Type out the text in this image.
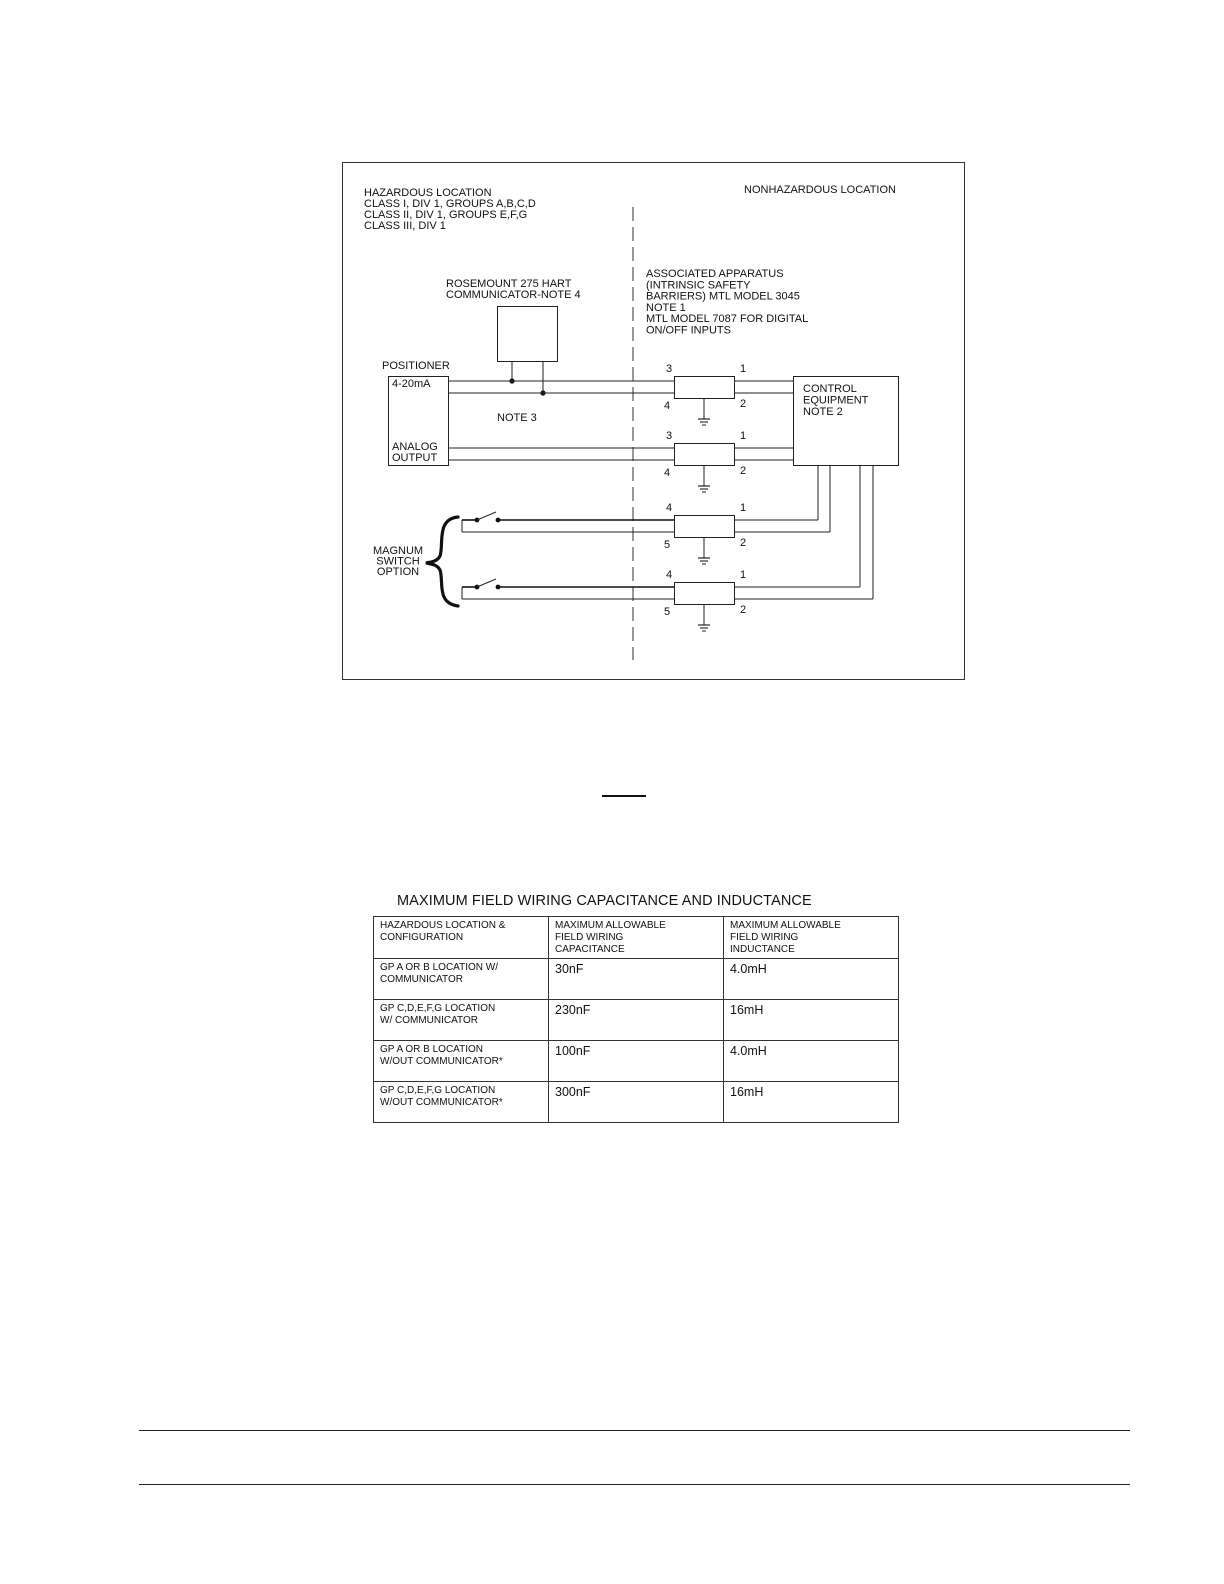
HAZARDOUS LOCATION CLASS I, DIV 1, GROUPS A,B,C,D CLASS II, DIV 1, GROUPS E,F,G CLASS III, DIV 1
NONHAZARDOUS LOCATION
ROSEMOUNT 275 HART COMMUNICATOR-NOTE 4
ASSOCIATED APPARATUS (INTRINSIC SAFETY BARRIERS) MTL MODEL 3045 NOTE 1 MTL MODEL 7087 FOR DIGITAL ON/OFF INPUTS
POSITIONER
4-20mA
ANALOG OUTPUT
NOTE 3
CONTROL EQUIPMENT NOTE 2
MAGNUM SWITCH OPTION
3
4
1
2
3
4
1
2
4
5
1
2
4
5
1
2
MAXIMUM FIELD WIRING CAPACITANCE AND INDUCTANCE
HAZARDOUS LOCATION &
CONFIGURATION	MAXIMUM ALLOWABLE
FIELD WIRING
CAPACITANCE	MAXIMUM ALLOWABLE
FIELD WIRING
INDUCTANCE
GP A OR B LOCATION W/
COMMUNICATOR	30nF	4.0mH
GP C,D,E,F,G LOCATION
W/ COMMUNICATOR	230nF	16mH
GP A OR B LOCATION
W/OUT COMMUNICATOR*	100nF	4.0mH
GP C,D,E,F,G LOCATION
W/OUT COMMUNICATOR*	300nF	16mH
